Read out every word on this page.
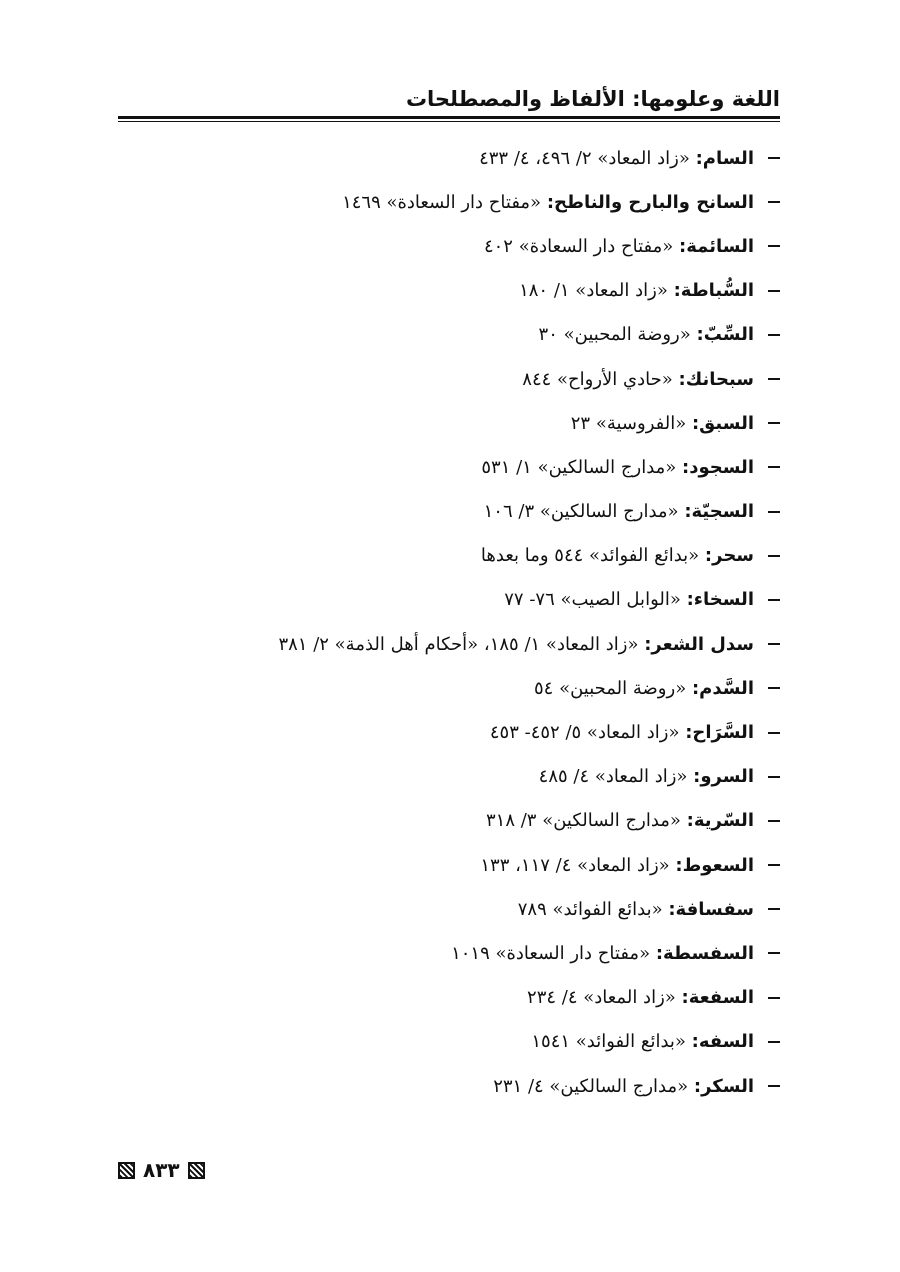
اللغة وعلومها: الألفاظ والمصطلحات
السام:

«زاد المعاد» ٢/ ٤٩٦، ٤/ ٤٣٣
السانح والبارح والناطح:

«مفتاح دار السعادة» ١٤٦٩
السائمة:

«مفتاح دار السعادة» ٤٠٢
السُّباطة:

«زاد المعاد» ١/ ١٨٠
السِّبّ:

«روضة المحبين» ٣٠
سبحانك:

«حادي الأرواح» ٨٤٤
السبق:

«الفروسية» ٢٣
السجود:

«مدارج السالكين» ١/ ٥٣١
السجيّة:

«مدارج السالكين» ٣/ ١٠٦
سحر:

«بدائع الفوائد» ٥٤٤ وما بعدها
السخاء:

«الوابل الصيب» ٧٦- ٧٧
سدل الشعر:

«زاد المعاد» ١/ ١٨٥، «أحكام أهل الذمة» ٢/ ٣٨١
السَّدم:

«روضة المحبين» ٥٤
السَّرَاح:

«زاد المعاد» ٥/ ٤٥٢- ٤٥٣
السرو:

«زاد المعاد» ٤/ ٤٨٥
السّرية:

«مدارج السالكين» ٣/ ٣١٨
السعوط:

«زاد المعاد» ٤/ ١١٧، ١٣٣
سفسافة:

«بدائع الفوائد» ٧٨٩
السفسطة:

«مفتاح دار السعادة» ١٠١٩
السفعة:

«زاد المعاد» ٤/ ٢٣٤
السفه:

«بدائع الفوائد» ١٥٤١
السكر:

«مدارج السالكين» ٤/ ٢٣١
٨٣٣
